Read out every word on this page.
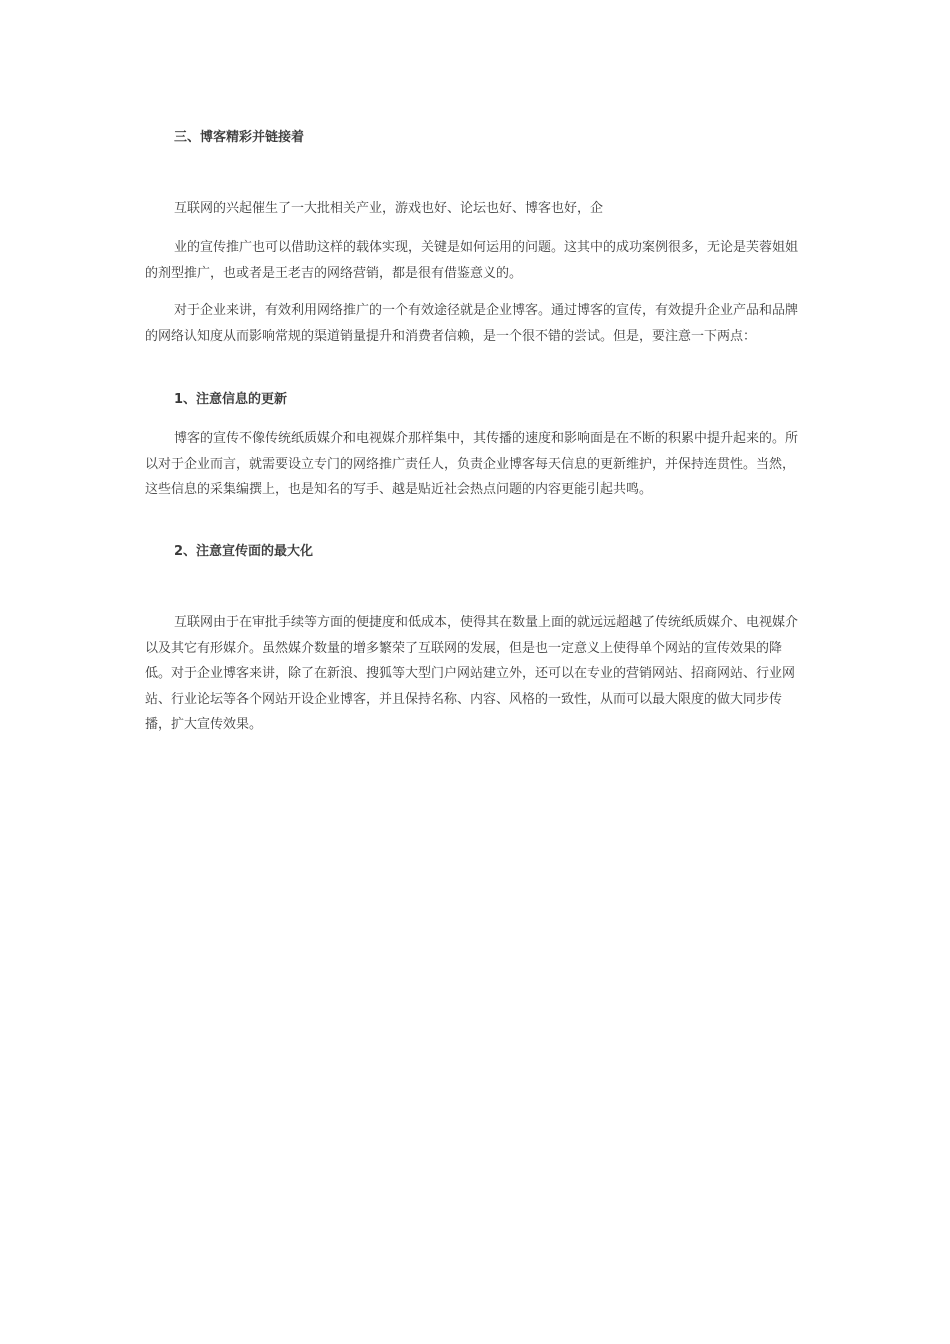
三、博客精彩并链接着

互联网的兴起催生了一大批相关产业，游戏也好、论坛也好、博客也好，企

业的宣传推广也可以借助这样的载体实现，关键是如何运用的问题。这其中的成功案例很多，无论是芙蓉姐姐的剂型推广，也或者是王老吉的网络营销，都是很有借鉴意义的。

对于企业来讲，有效利用网络推广的一个有效途径就是企业博客。通过博客的宣传，有效提升企业产品和品牌的网络认知度从而影响常规的渠道销量提升和消费者信赖，是一个很不错的尝试。但是，要注意一下两点：

1、注意信息的更新

博客的宣传不像传统纸质媒介和电视媒介那样集中，其传播的速度和影响面是在不断的积累中提升起来的。所以对于企业而言，就需要设立专门的网络推广责任人，负责企业博客每天信息的更新维护，并保持连贯性。当然，这些信息的采集编撰上，也是知名的写手、越是贴近社会热点问题的内容更能引起共鸣。

2、注意宣传面的最大化

互联网由于在审批手续等方面的便捷度和低成本，使得其在数量上面的就远远超越了传统纸质媒介、电视媒介以及其它有形媒介。虽然媒介数量的增多繁荣了互联网的发展，但是也一定意义上使得单个网站的宣传效果的降低。对于企业博客来讲，除了在新浪、搜狐等大型门户网站建立外，还可以在专业的营销网站、招商网站、行业网站、行业论坛等各个网站开设企业博客，并且保持名称、内容、风格的一致性，从而可以最大限度的做大同步传播，扩大宣传效果。
